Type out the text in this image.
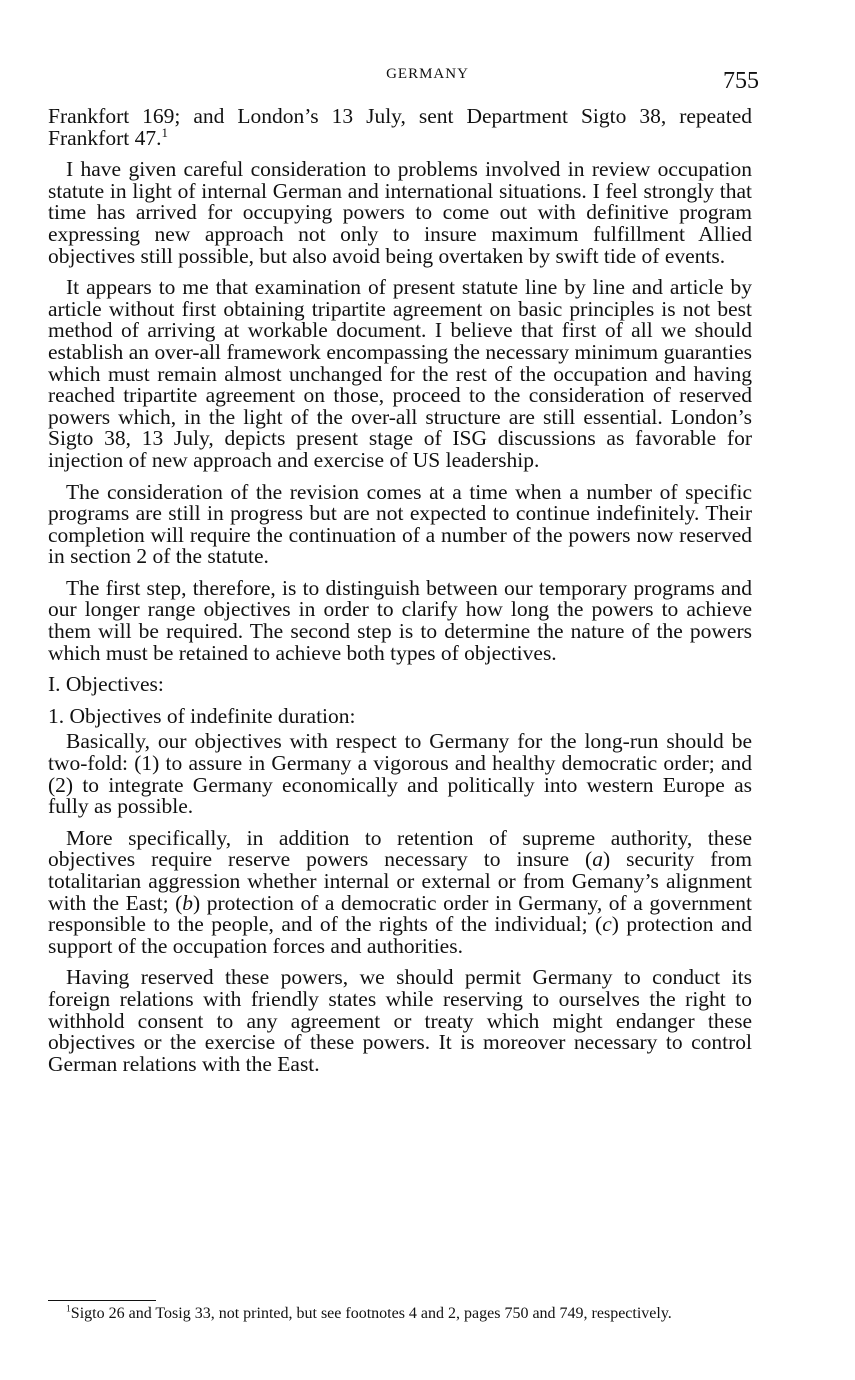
GERMANY	755

Frankfort 169; and London’s 13 July, sent Department Sigto 38, repeated Frankfort 47.$^1$

I have given careful consideration to problems involved in review occupation statute in light of internal German and international situations. I feel strongly that time has arrived for occupying powers to come out with definitive program expressing new approach not only to insure maximum fulfillment Allied objectives still possible, but also avoid being overtaken by swift tide of events.

It appears to me that examination of present statute line by line and article by article without first obtaining tripartite agreement on basic principles is not best method of arriving at workable document. I believe that first of all we should establish an over-all framework encompassing the necessary minimum guaranties which must remain almost unchanged for the rest of the occupation and having reached tripartite agreement on those, proceed to the consideration of reserved powers which, in the light of the over-all structure are still essential. London’s Sigto 38, 13 July, depicts present stage of ISG discussions as favorable for injection of new approach and exercise of US leadership.

The consideration of the revision comes at a time when a number of specific programs are still in progress but are not expected to continue indefinitely. Their completion will require the continuation of a number of the powers now reserved in section 2 of the statute.

The first step, therefore, is to distinguish between our temporary programs and our longer range objectives in order to clarify how long the powers to achieve them will be required. The second step is to determine the nature of the powers which must be retained to achieve both types of objectives.

I. Objectives:

1. Objectives of indefinite duration:

Basically, our objectives with respect to Germany for the long-run should be two-fold: (1) to assure in Germany a vigorous and healthy democratic order; and (2) to integrate Germany economically and politically into western Europe as fully as possible.

More specifically, in addition to retention of supreme authority, these objectives require reserve powers necessary to insure (a) security from totalitarian aggression whether internal or external or from Gemany’s alignment with the East; (b) protection of a democratic order in Germany, of a government responsible to the people, and of the rights of the individual; (c) protection and support of the occupation forces and authorities.

Having reserved these powers, we should permit Germany to conduct its foreign relations with friendly states while reserving to ourselves the right to withhold consent to any agreement or treaty which might endanger these objectives or the exercise of these powers. It is moreover necessary to control German relations with the East.

$^1$Sigto 26 and Tosig 33, not printed, but see footnotes 4 and 2, pages 750 and 749, respectively.
